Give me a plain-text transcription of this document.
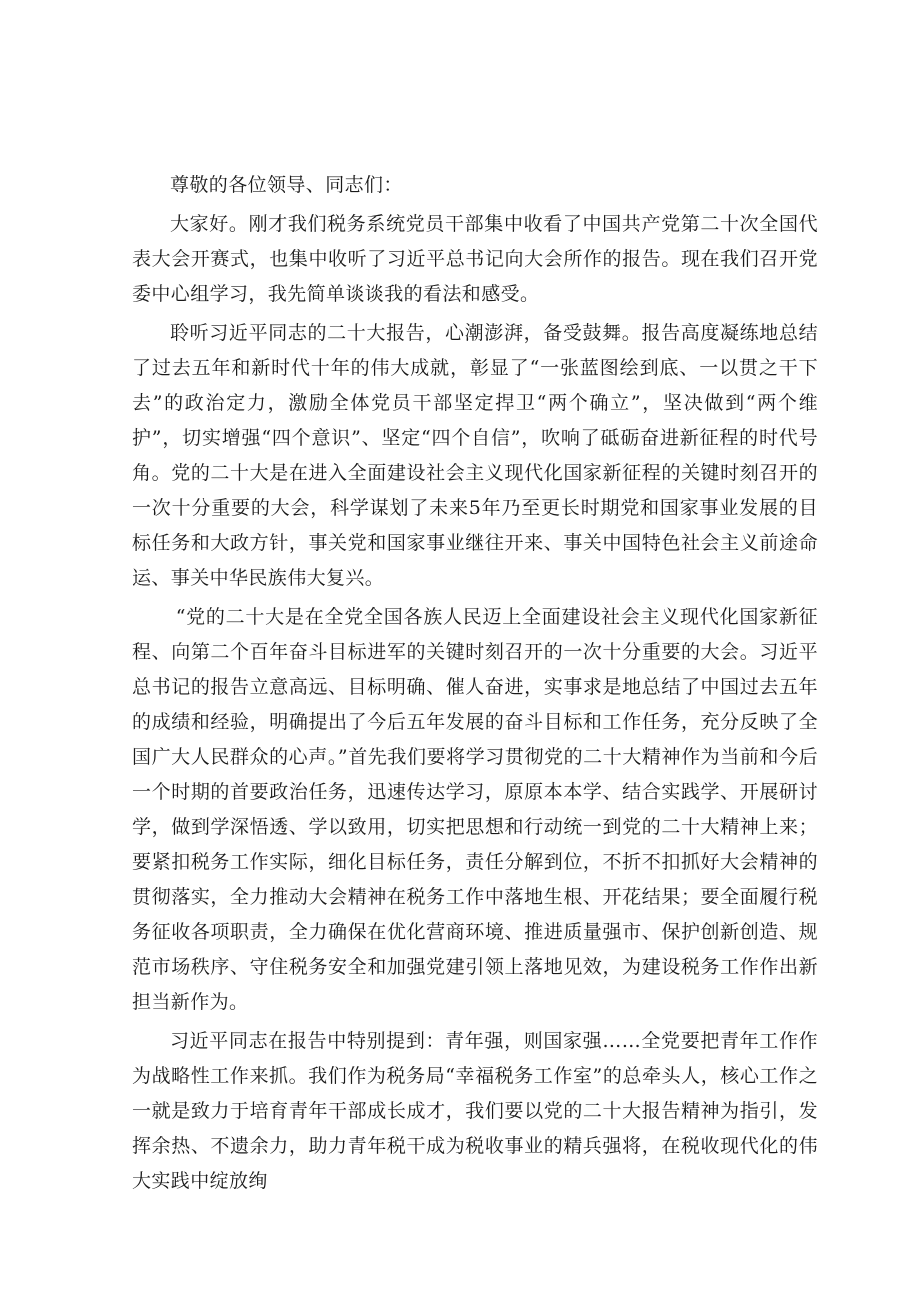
尊敬的各位领导、同志们：

大家好。刚才我们税务系统党员干部集中收看了中国共产党第二十次全国代表大会开赛式，也集中收听了习近平总书记向大会所作的报告。现在我们召开党委中心组学习，我先简单谈谈我的看法和感受。

聆听习近平同志的二十大报告，心潮澎湃，备受鼓舞。报告高度凝练地总结了过去五年和新时代十年的伟大成就，彰显了“一张蓝图绘到底、一以贯之干下去”的政治定力，激励全体党员干部坚定捍卫“两个确立”，坚决做到“两个维护”，切实增强“四个意识”、坚定“四个自信”，吹响了砥砺奋进新征程的时代号角。党的二十大是在进入全面建设社会主义现代化国家新征程的关键时刻召开的一次十分重要的大会，科学谋划了未来5年乃至更长时期党和国家事业发展的目标任务和大政方针，事关党和国家事业继往开来、事关中国特色社会主义前途命运、事关中华民族伟大复兴。

“党的二十大是在全党全国各族人民迈上全面建设社会主义现代化国家新征程、向第二个百年奋斗目标进军的关键时刻召开的一次十分重要的大会。习近平总书记的报告立意高远、目标明确、催人奋进，实事求是地总结了中国过去五年的成绩和经验，明确提出了今后五年发展的奋斗目标和工作任务，充分反映了全国广大人民群众的心声。”首先我们要将学习贯彻党的二十大精神作为当前和今后一个时期的首要政治任务，迅速传达学习，原原本本学、结合实践学、开展研讨学，做到学深悟透、学以致用，切实把思想和行动统一到党的二十大精神上来；要紧扣税务工作实际，细化目标任务，责任分解到位，不折不扣抓好大会精神的贯彻落实，全力推动大会精神在税务工作中落地生根、开花结果；要全面履行税务征收各项职责，全力确保在优化营商环境、推进质量强市、保护创新创造、规范市场秩序、守住税务安全和加强党建引领上落地见效，为建设税务工作作出新担当新作为。

习近平同志在报告中特别提到：青年强，则国家强……全党要把青年工作作为战略性工作来抓。我们作为税务局“幸福税务工作室”的总牵头人，核心工作之一就是致力于培育青年干部成长成才，我们要以党的二十大报告精神为指引，发挥余热、不遗余力，助力青年税干成为税收事业的精兵强将，在税收现代化的伟大实践中绽放绚
